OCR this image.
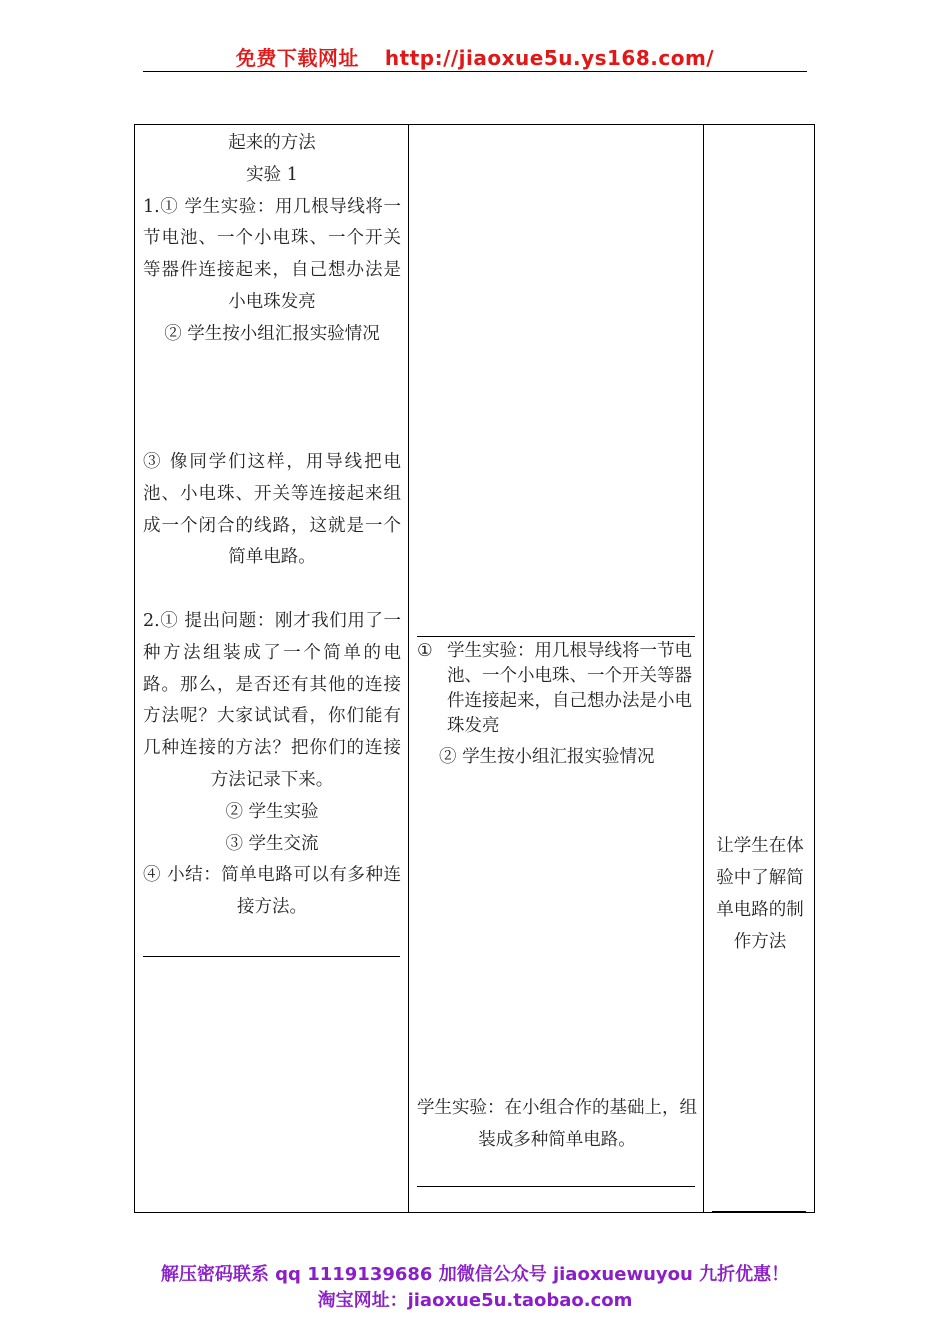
免费下载网址 http://jiaoxue5u.ys168.com/
起来的方法
实验 1
1.① 学生实验：用几根导线将一节电池、一个小电珠、一个开关等器件连接起来，自己想办法是小电珠发亮
② 学生按小组汇报实验情况
③ 像同学们这样，用导线把电池、小电珠、开关等连接起来组成一个闭合的线路，这就是一个简单电路。
2.① 提出问题：刚才我们用了一种方法组装成了一个简单的电路。那么，是否还有其他的连接方法呢？大家试试看，你们能有几种连接的方法？把你们的连接方法记录下来。
② 学生实验
③ 学生交流
④ 小结：简单电路可以有多种连接方法。
① 学生实验：用几根导线将一节电池、一个小电珠、一个开关等器件连接起来，自己想办法是小电珠发亮
② 学生按小组汇报实验情况
学生实验：在小组合作的基础上，组装成多种简单电路。
让学生在体验中了解简单电路的制作方法
解压密码联系 qq 1119139686 加微信公众号 jiaoxuewuyou 九折优惠！
淘宝网址：jiaoxue5u.taobao.com
